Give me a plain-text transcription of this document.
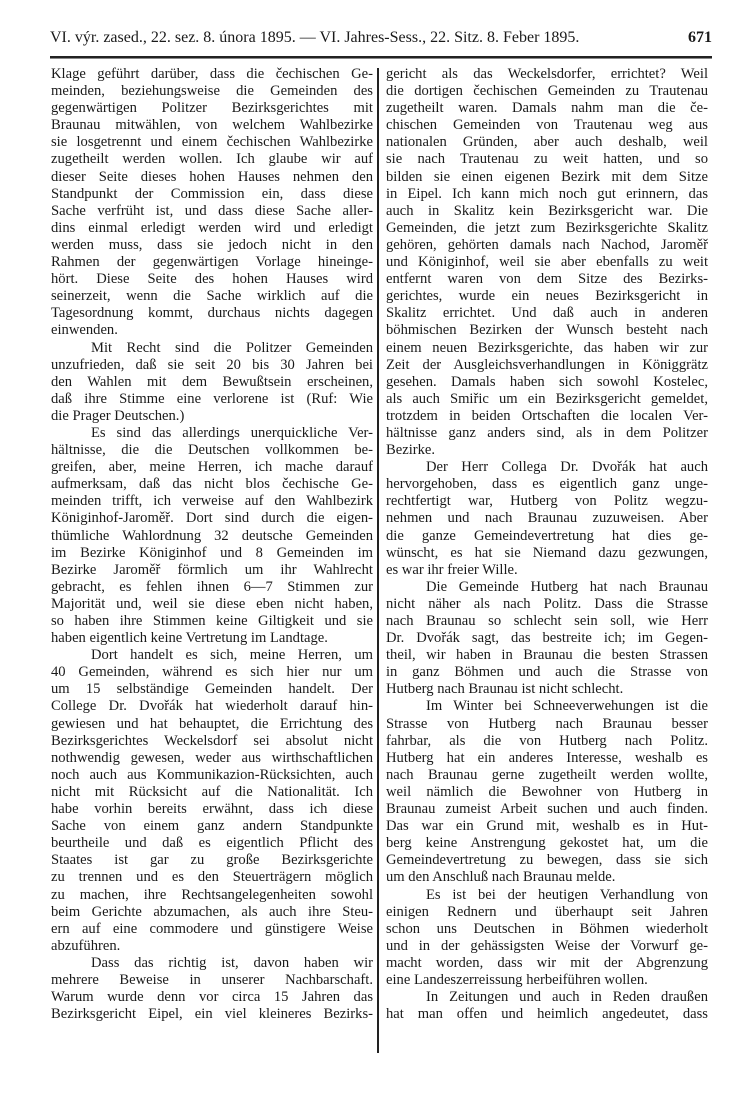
VI. výr. zased., 22. sez. 8. února 1895. — VI. Jahres-Sess., 22. Sitz. 8. Feber 1895.	671
Klage geführt darüber, dass die čechischen Ge-
meinden, beziehungsweise die Gemeinden des
gegenwärtigen Politzer Bezirksgerichtes mit
Braunau mitwählen, von welchem Wahlbezirke
sie losgetrennt und einem čechischen Wahlbezirke
zugetheilt werden wollen. Ich glaube wir auf
dieser Seite dieses hohen Hauses nehmen den
Standpunkt der Commission ein, dass diese
Sache verfrüht ist, und dass diese Sache aller-
dins einmal erledigt werden wird und erledigt
werden muss, dass sie jedoch nicht in den
Rahmen der gegenwärtigen Vorlage hineinge-
hört. Diese Seite des hohen Hauses wird
seinerzeit, wenn die Sache wirklich auf die
Tagesordnung kommt, durchaus nichts dagegen
einwenden.
Mit Recht sind die Politzer Gemeinden
unzufrieden, daß sie seit 20 bis 30 Jahren bei
den Wahlen mit dem Bewußtsein erscheinen,
daß ihre Stimme eine verlorene ist (Ruf: Wie
die Prager Deutschen.)
Es sind das allerdings unerquickliche Ver-
hältnisse, die die Deutschen vollkommen be-
greifen, aber, meine Herren, ich mache darauf
aufmerksam, daß das nicht blos čechische Ge-
meinden trifft, ich verweise auf den Wahlbezirk
Königinhof-Jaroměř. Dort sind durch die eigen-
thümliche Wahlordnung 32 deutsche Gemeinden
im Bezirke Königinhof und 8 Gemeinden im
Bezirke Jaroměř förmlich um ihr Wahlrecht
gebracht, es fehlen ihnen 6—7 Stimmen zur
Majorität und, weil sie diese eben nicht haben,
so haben ihre Stimmen keine Giltigkeit und sie
haben eigentlich keine Vertretung im Landtage.
Dort handelt es sich, meine Herren, um
40 Gemeinden, während es sich hier nur um
um 15 selbständige Gemeinden handelt. Der
College Dr. Dvořák hat wiederholt darauf hin-
gewiesen und hat behauptet, die Errichtung des
Bezirksgerichtes Weckelsdorf sei absolut nicht
nothwendig gewesen, weder aus wirthschaftlichen
noch auch aus Kommunikazion-Rücksichten, auch
nicht mit Rücksicht auf die Nationalität. Ich
habe vorhin bereits erwähnt, dass ich diese
Sache von einem ganz andern Standpunkte
beurtheile und daß es eigentlich Pflicht des
Staates ist gar zu große Bezirksgerichte
zu trennen und es den Steuerträgern möglich
zu machen, ihre Rechtsangelegenheiten sowohl
beim Gerichte abzumachen, als auch ihre Steu-
ern auf eine commodere und günstigere Weise
abzuführen.
Dass das richtig ist, davon haben wir
mehrere Beweise in unserer Nachbarschaft.
Warum wurde denn vor circa 15 Jahren das
Bezirksgericht Eipel, ein viel kleineres Bezirks-
gericht als das Weckelsdorfer, errichtet? Weil
die dortigen čechischen Gemeinden zu Trautenau
zugetheilt waren. Damals nahm man die če-
chischen Gemeinden von Trautenau weg aus
nationalen Gründen, aber auch deshalb, weil
sie nach Trautenau zu weit hatten, und so
bilden sie einen eigenen Bezirk mit dem Sitze
in Eipel. Ich kann mich noch gut erinnern, das
auch in Skalitz kein Bezirksgericht war. Die
Gemeinden, die jetzt zum Bezirksgerichte Skalitz
gehören, gehörten damals nach Nachod, Jaroměř
und Königinhof, weil sie aber ebenfalls zu weit
entfernt waren von dem Sitze des Bezirks-
gerichtes, wurde ein neues Bezirksgericht in
Skalitz errichtet. Und daß auch in anderen
böhmischen Bezirken der Wunsch besteht nach
einem neuen Bezirksgerichte, das haben wir zur
Zeit der Ausgleichsverhandlungen in Königgrätz
gesehen. Damals haben sich sowohl Kostelec,
als auch Smiřic um ein Bezirksgericht gemeldet,
trotzdem in beiden Ortschaften die localen Ver-
hältnisse ganz anders sind, als in dem Politzer
Bezirke.
Der Herr Collega Dr. Dvořák hat auch
hervorgehoben, dass es eigentlich ganz unge-
rechtfertigt war, Hutberg von Politz wegzu-
nehmen und nach Braunau zuzuweisen. Aber
die ganze Gemeindevertretung hat dies ge-
wünscht, es hat sie Niemand dazu gezwungen,
es war ihr freier Wille.
Die Gemeinde Hutberg hat nach Braunau
nicht näher als nach Politz. Dass die Strasse
nach Braunau so schlecht sein soll, wie Herr
Dr. Dvořák sagt, das bestreite ich; im Gegen-
theil, wir haben in Braunau die besten Strassen
in ganz Böhmen und auch die Strasse von
Hutberg nach Braunau ist nicht schlecht.
Im Winter bei Schneeverwehungen ist die
Strasse von Hutberg nach Braunau besser
fahrbar, als die von Hutberg nach Politz.
Hutberg hat ein anderes Interesse, weshalb es
nach Braunau gerne zugetheilt werden wollte,
weil nämlich die Bewohner von Hutberg in
Braunau zumeist Arbeit suchen und auch finden.
Das war ein Grund mit, weshalb es in Hut-
berg keine Anstrengung gekostet hat, um die
Gemeindevertretung zu bewegen, dass sie sich
um den Anschluß nach Braunau melde.
Es ist bei der heutigen Verhandlung von
einigen Rednern und überhaupt seit Jahren
schon uns Deutschen in Böhmen wiederholt
und in der gehässigsten Weise der Vorwurf ge-
macht worden, dass wir mit der Abgrenzung
eine Landeszerreissung herbeiführen wollen.
In Zeitungen und auch in Reden draußen
hat man offen und heimlich angedeutet, dass
